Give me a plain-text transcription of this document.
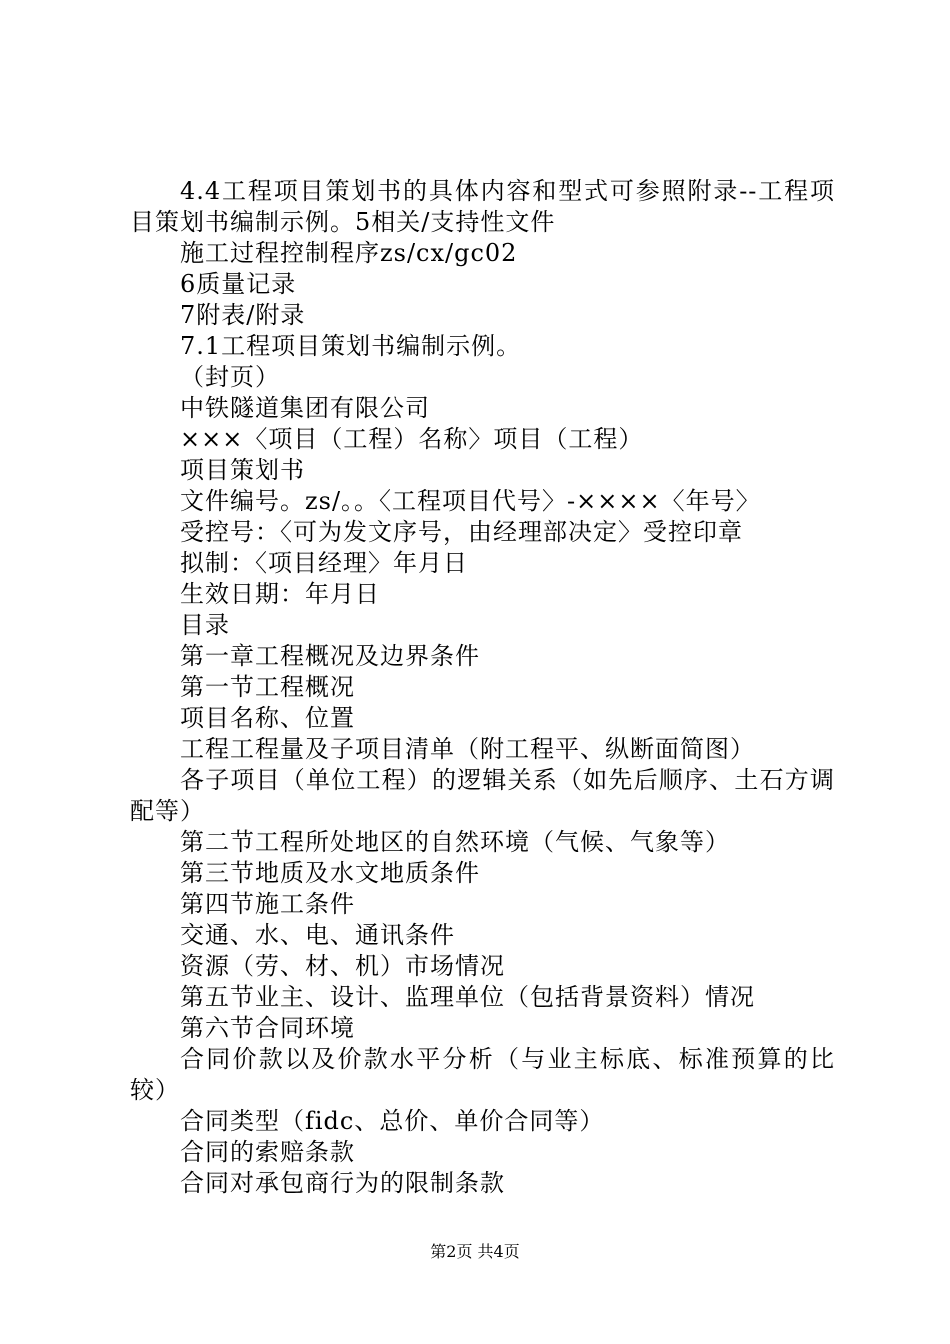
4.4工程项目策划书的具体内容和型式可参照附录--工程项目策划书编制示例。5相关/支持性文件
施工过程控制程序zs/cx/gc02
6质量记录
7附表/附录
7.1工程项目策划书编制示例。
（封页）
中铁隧道集团有限公司
×××〈项目（工程）名称〉项目（工程）
项目策划书
文件编号。zs/。。〈工程项目代号〉-××××〈年号〉
受控号：〈可为发文序号，由经理部决定〉受控印章
拟制：〈项目经理〉年月日
生效日期：年月日
目录
第一章工程概况及边界条件
第一节工程概况
项目名称、位置
工程工程量及子项目清单（附工程平、纵断面简图）
各子项目（单位工程）的逻辑关系（如先后顺序、土石方调配等）
第二节工程所处地区的自然环境（气候、气象等）
第三节地质及水文地质条件
第四节施工条件
交通、水、电、通讯条件
资源（劳、材、机）市场情况
第五节业主、设计、监理单位（包括背景资料）情况
第六节合同环境
合同价款以及价款水平分析（与业主标底、标准预算的比较）
合同类型（fidc、总价、单价合同等）
合同的索赔条款
合同对承包商行为的限制条款
第2页 共4页
